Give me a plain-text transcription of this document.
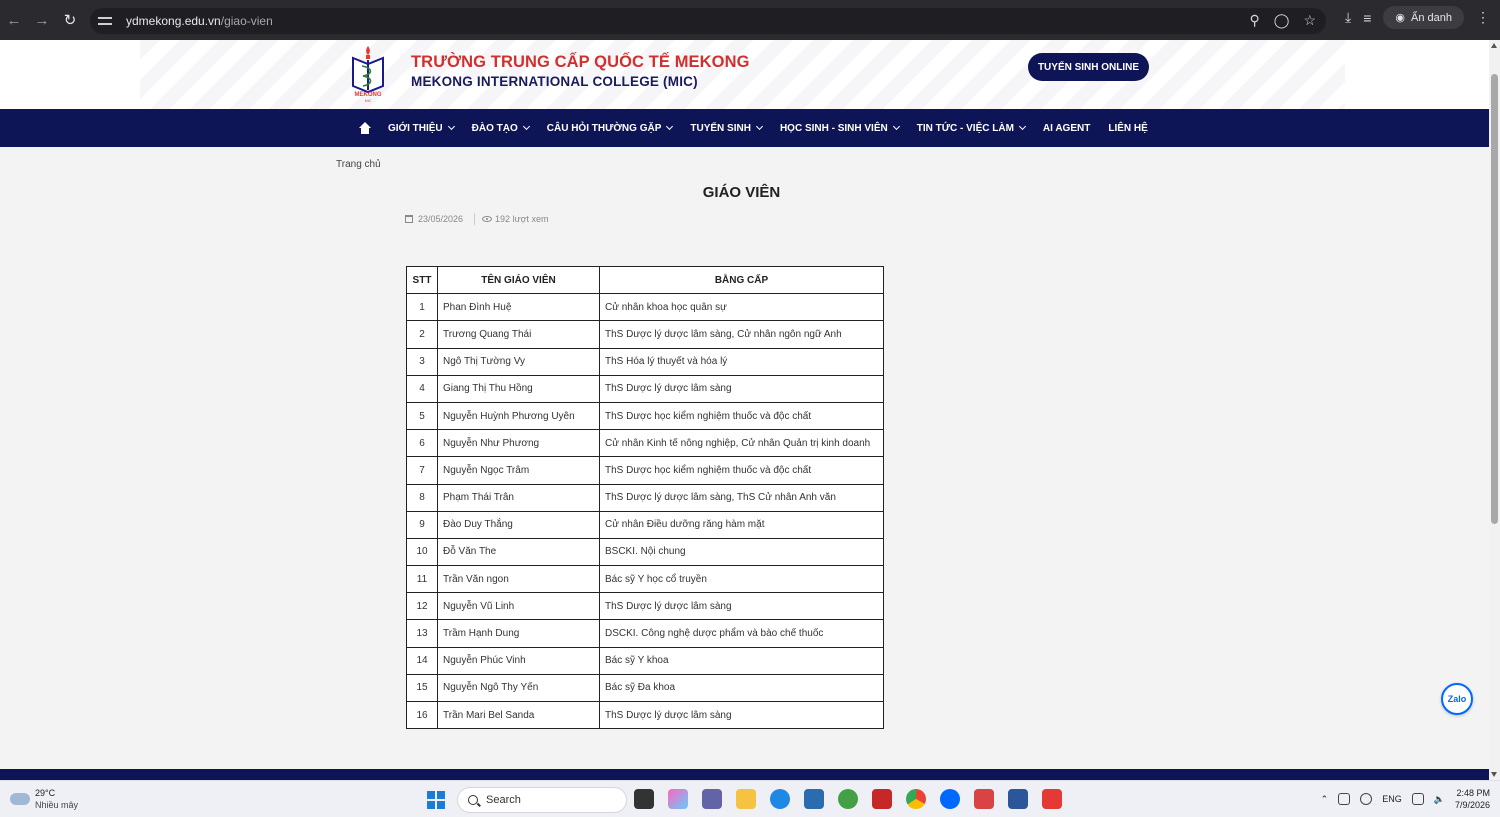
← → ↻	ydmekong.edu.vn/giao-vien	⚲ ◯ ☆ ⤓ ≡ ◉ Ẩn danh ⋮
MEKONG
MIC
TRƯỜNG TRUNG CẤP QUỐC TẾ MEKONG
MEKONG INTERNATIONAL COLLEGE (MIC)
TUYỂN SINH ONLINE
GIỚI THIỆU	ĐÀO TẠO	CÂU HỎI THƯỜNG GẶP	TUYỂN SINH	HỌC SINH - SINH VIÊN	TIN TỨC - VIỆC LÀM	AI AGENT LIÊN HỆ
Trang chủ
GIÁO VIÊN
23/05/2026	192 lượt xem
STT	TÊN GIÁO VIÊN	BẰNG CẤP
1	Phan Đình Huệ	Cử nhân khoa học quân sự
2	Trương Quang Thái	ThS Dược lý dược lâm sàng, Cử nhân ngôn ngữ Anh
3	Ngô Thị Tường Vy	ThS Hóa lý thuyết và hóa lý
4	Giang Thị Thu Hồng	ThS Dược lý dược lâm sàng
5	Nguyễn Huỳnh Phương Uyên	ThS Dược học kiểm nghiệm thuốc và độc chất
6	Nguyễn Như Phương	Cử nhân Kinh tế nông nghiệp, Cử nhân Quản trị kinh doanh
7	Nguyễn Ngọc Trâm	ThS Dược học kiểm nghiệm thuốc và độc chất
8	Phạm Thái Trân	ThS Dược lý dược lâm sàng, ThS Cử nhân Anh văn
9	Đào Duy Thắng	Cử nhân Điều dưỡng răng hàm mặt
10	Đỗ Văn The	BSCKI. Nội chung
11	Trần Văn ngon	Bác sỹ Y học cổ truyền
12	Nguyễn Vũ Linh	ThS Dược lý dược lâm sàng
13	Trầm Hạnh Dung	DSCKI. Công nghệ dược phẩm và bào chế thuốc
14	Nguyễn Phúc Vinh	Bác sỹ Y khoa
15	Nguyễn Ngô Thy Yến	Bác sỹ Đa khoa
16	Trần Mari Bel Sanda	ThS Dược lý dược lâm sàng
Zalo
29°C
Nhiều mây	Search	⌃	ENG	🔈
2:48 PM
7/9/2026
